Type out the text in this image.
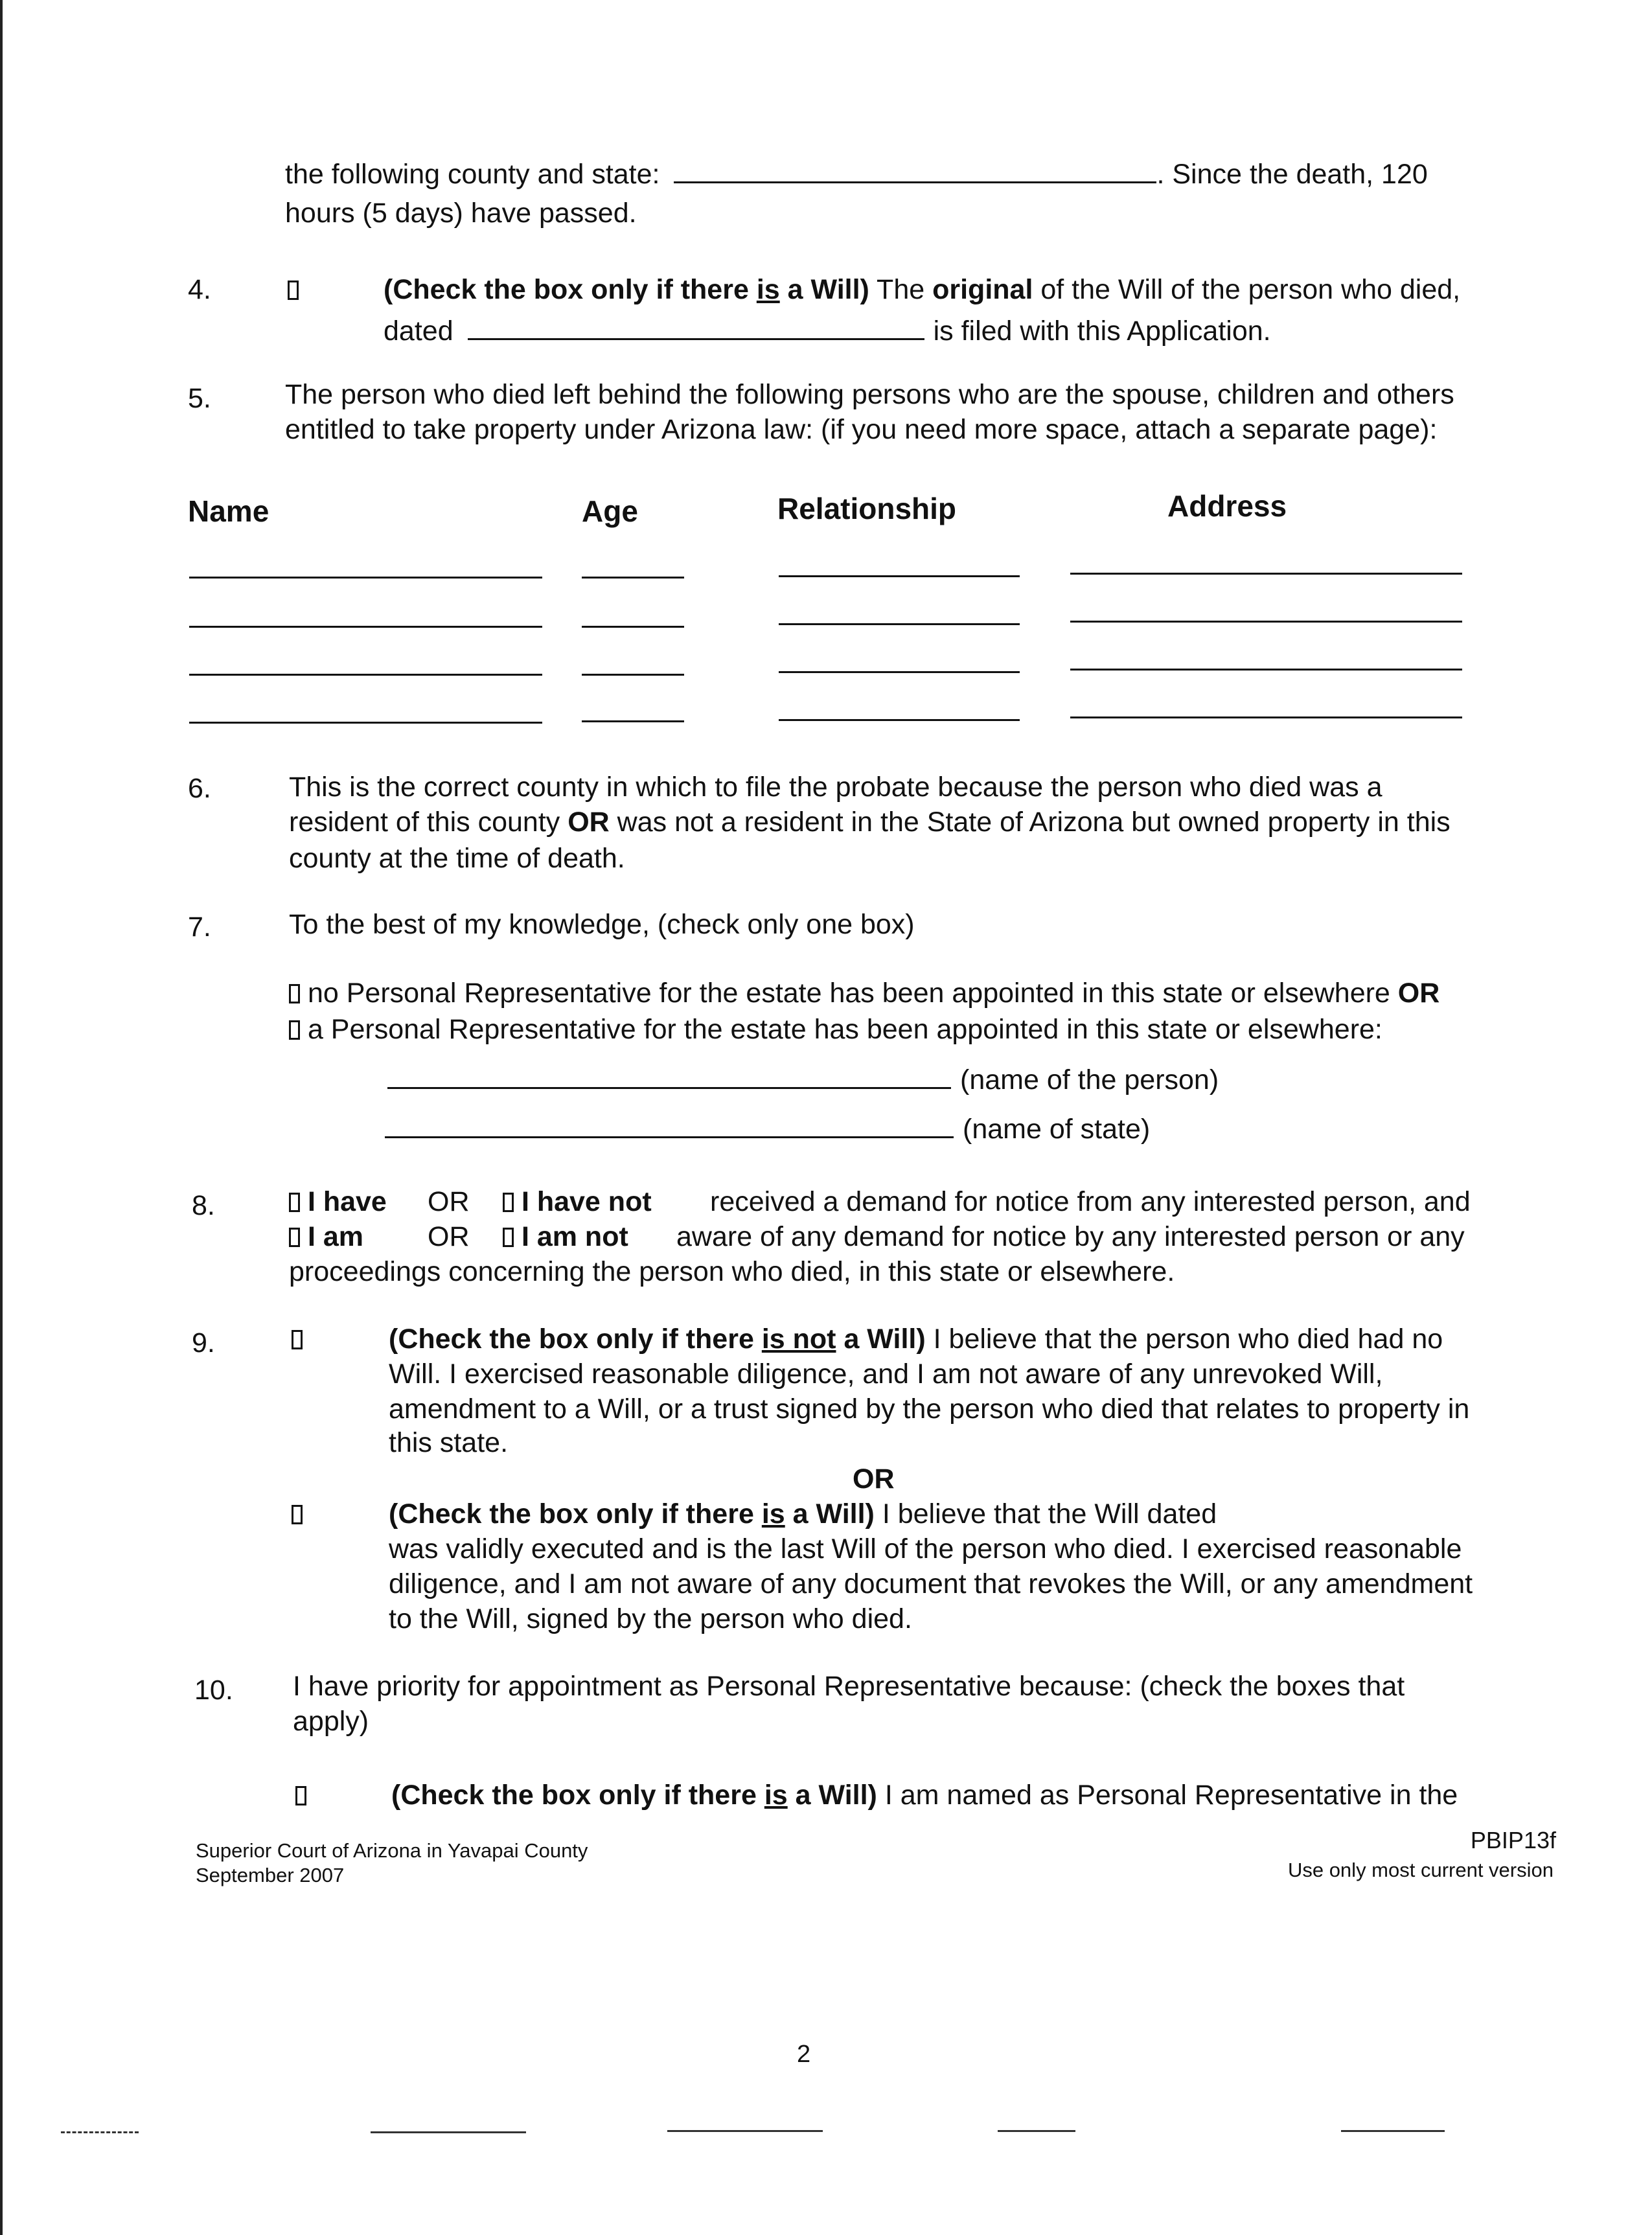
the following county and state:	. Since the death, 120
hours (5 days) have passed.
4.	(Check the box only if there is a Will) The original of the Will of the person who died,
dated	is filed with this Application.
5.	The person who died left behind the following persons who are the spouse, children and others
entitled to take property under Arizona law: (if you need more space, attach a separate page):
Name	Age	Relationship	Address
6.	This is the correct county in which to file the probate because the person who died was a
resident of this county OR was not a resident in the State of Arizona but owned property in this
county at the time of death.
7.	To the best of my knowledge, (check only one box)
no Personal Representative for the estate has been appointed in this state or elsewhere OR
a Personal Representative for the estate has been appointed in this state or elsewhere:
(name of the person)
(name of state)
8.	I have OR	I have not received a demand for notice from any interested person, and
I am OR	I am not aware of any demand for notice by any interested person or any
proceedings concerning the person who died, in this state or elsewhere.
9.	(Check the box only if there is not a Will) I believe that the person who died had no
Will. I exercised reasonable diligence, and I am not aware of any unrevoked Will,
amendment to a Will, or a trust signed by the person who died that relates to property in
this state.
OR
(Check the box only if there is a Will) I believe that the Will dated
was validly executed and is the last Will of the person who died. I exercised reasonable
diligence, and I am not aware of any document that revokes the Will, or any amendment
to the Will, signed by the person who died.
10. I have priority for appointment as Personal Representative because: (check the boxes that
apply)
(Check the box only if there is a Will) I am named as Personal Representative in the
Superior Court of Arizona in Yavapai County
September 2007
PBIP13f
Use only most current version
2
